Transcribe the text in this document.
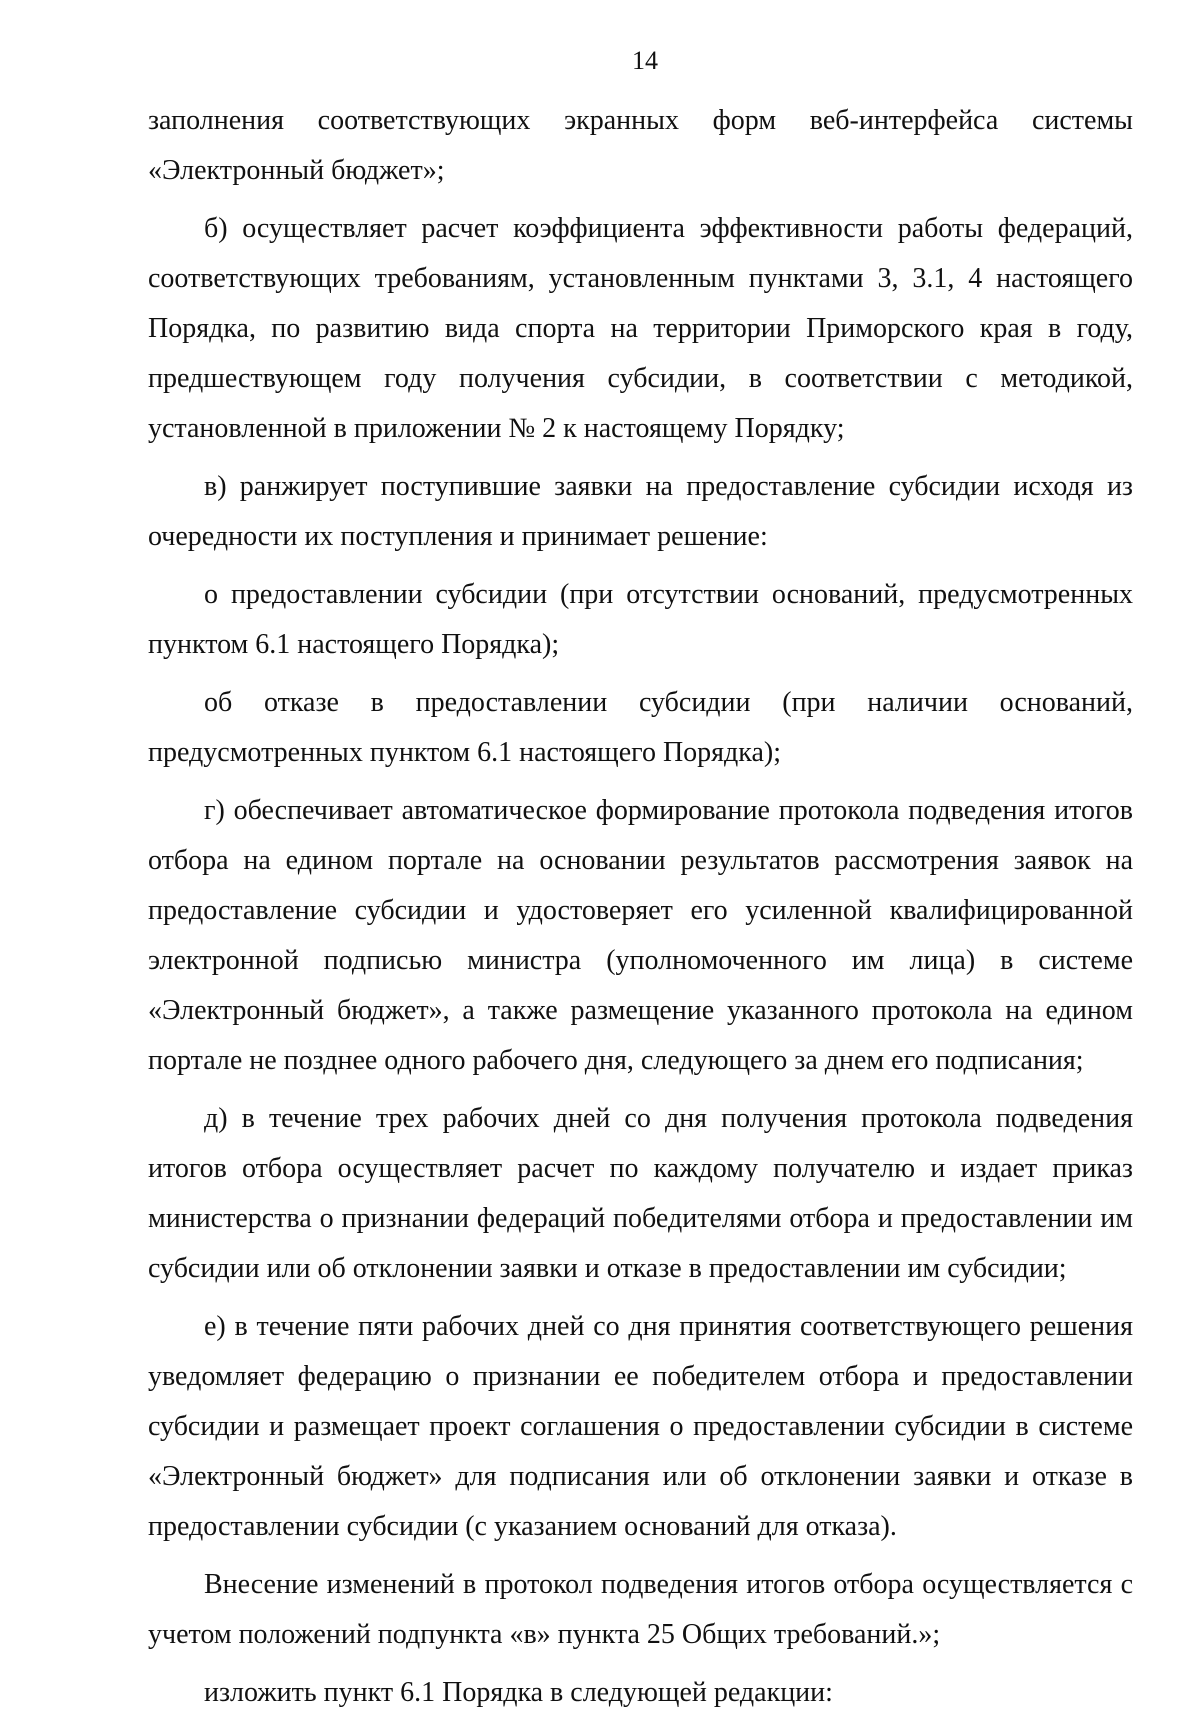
14

заполнения соответствующих экранных форм веб-интерфейса системы «Электронный бюджет»;

б) осуществляет расчет коэффициента эффективности работы федераций, соответствующих требованиям, установленным пунктами 3, 3.1, 4 настоящего Порядка, по развитию вида спорта на территории Приморского края в году, предшествующем году получения субсидии, в соответствии с методикой, установленной в приложении № 2 к настоящему Порядку;

в) ранжирует поступившие заявки на предоставление субсидии исходя из очередности их поступления и принимает решение:

о предоставлении субсидии (при отсутствии оснований, предусмотренных пунктом 6.1 настоящего Порядка);

об отказе в предоставлении субсидии (при наличии оснований, предусмотренных пунктом 6.1 настоящего Порядка);

г) обеспечивает автоматическое формирование протокола подведения итогов отбора на едином портале на основании результатов рассмотрения заявок на предоставление субсидии и удостоверяет его усиленной квалифицированной электронной подписью министра (уполномоченного им лица) в системе «Электронный бюджет», а также размещение указанного протокола на едином портале не позднее одного рабочего дня, следующего за днем его подписания;

д) в течение трех рабочих дней со дня получения протокола подведения итогов отбора осуществляет расчет по каждому получателю и издает приказ министерства о признании федераций победителями отбора и предоставлении им субсидии или об отклонении заявки и отказе в предоставлении им субсидии;

е) в течение пяти рабочих дней со дня принятия соответствующего решения уведомляет федерацию о признании ее победителем отбора и предоставлении субсидии и размещает проект соглашения о предоставлении субсидии в системе «Электронный бюджет» для подписания или об отклонении заявки и отказе в предоставлении субсидии (с указанием оснований для отказа).

Внесение изменений в протокол подведения итогов отбора осуществляется с учетом положений подпункта «в» пункта 25 Общих требований.»;

изложить пункт 6.1 Порядка в следующей редакции:
